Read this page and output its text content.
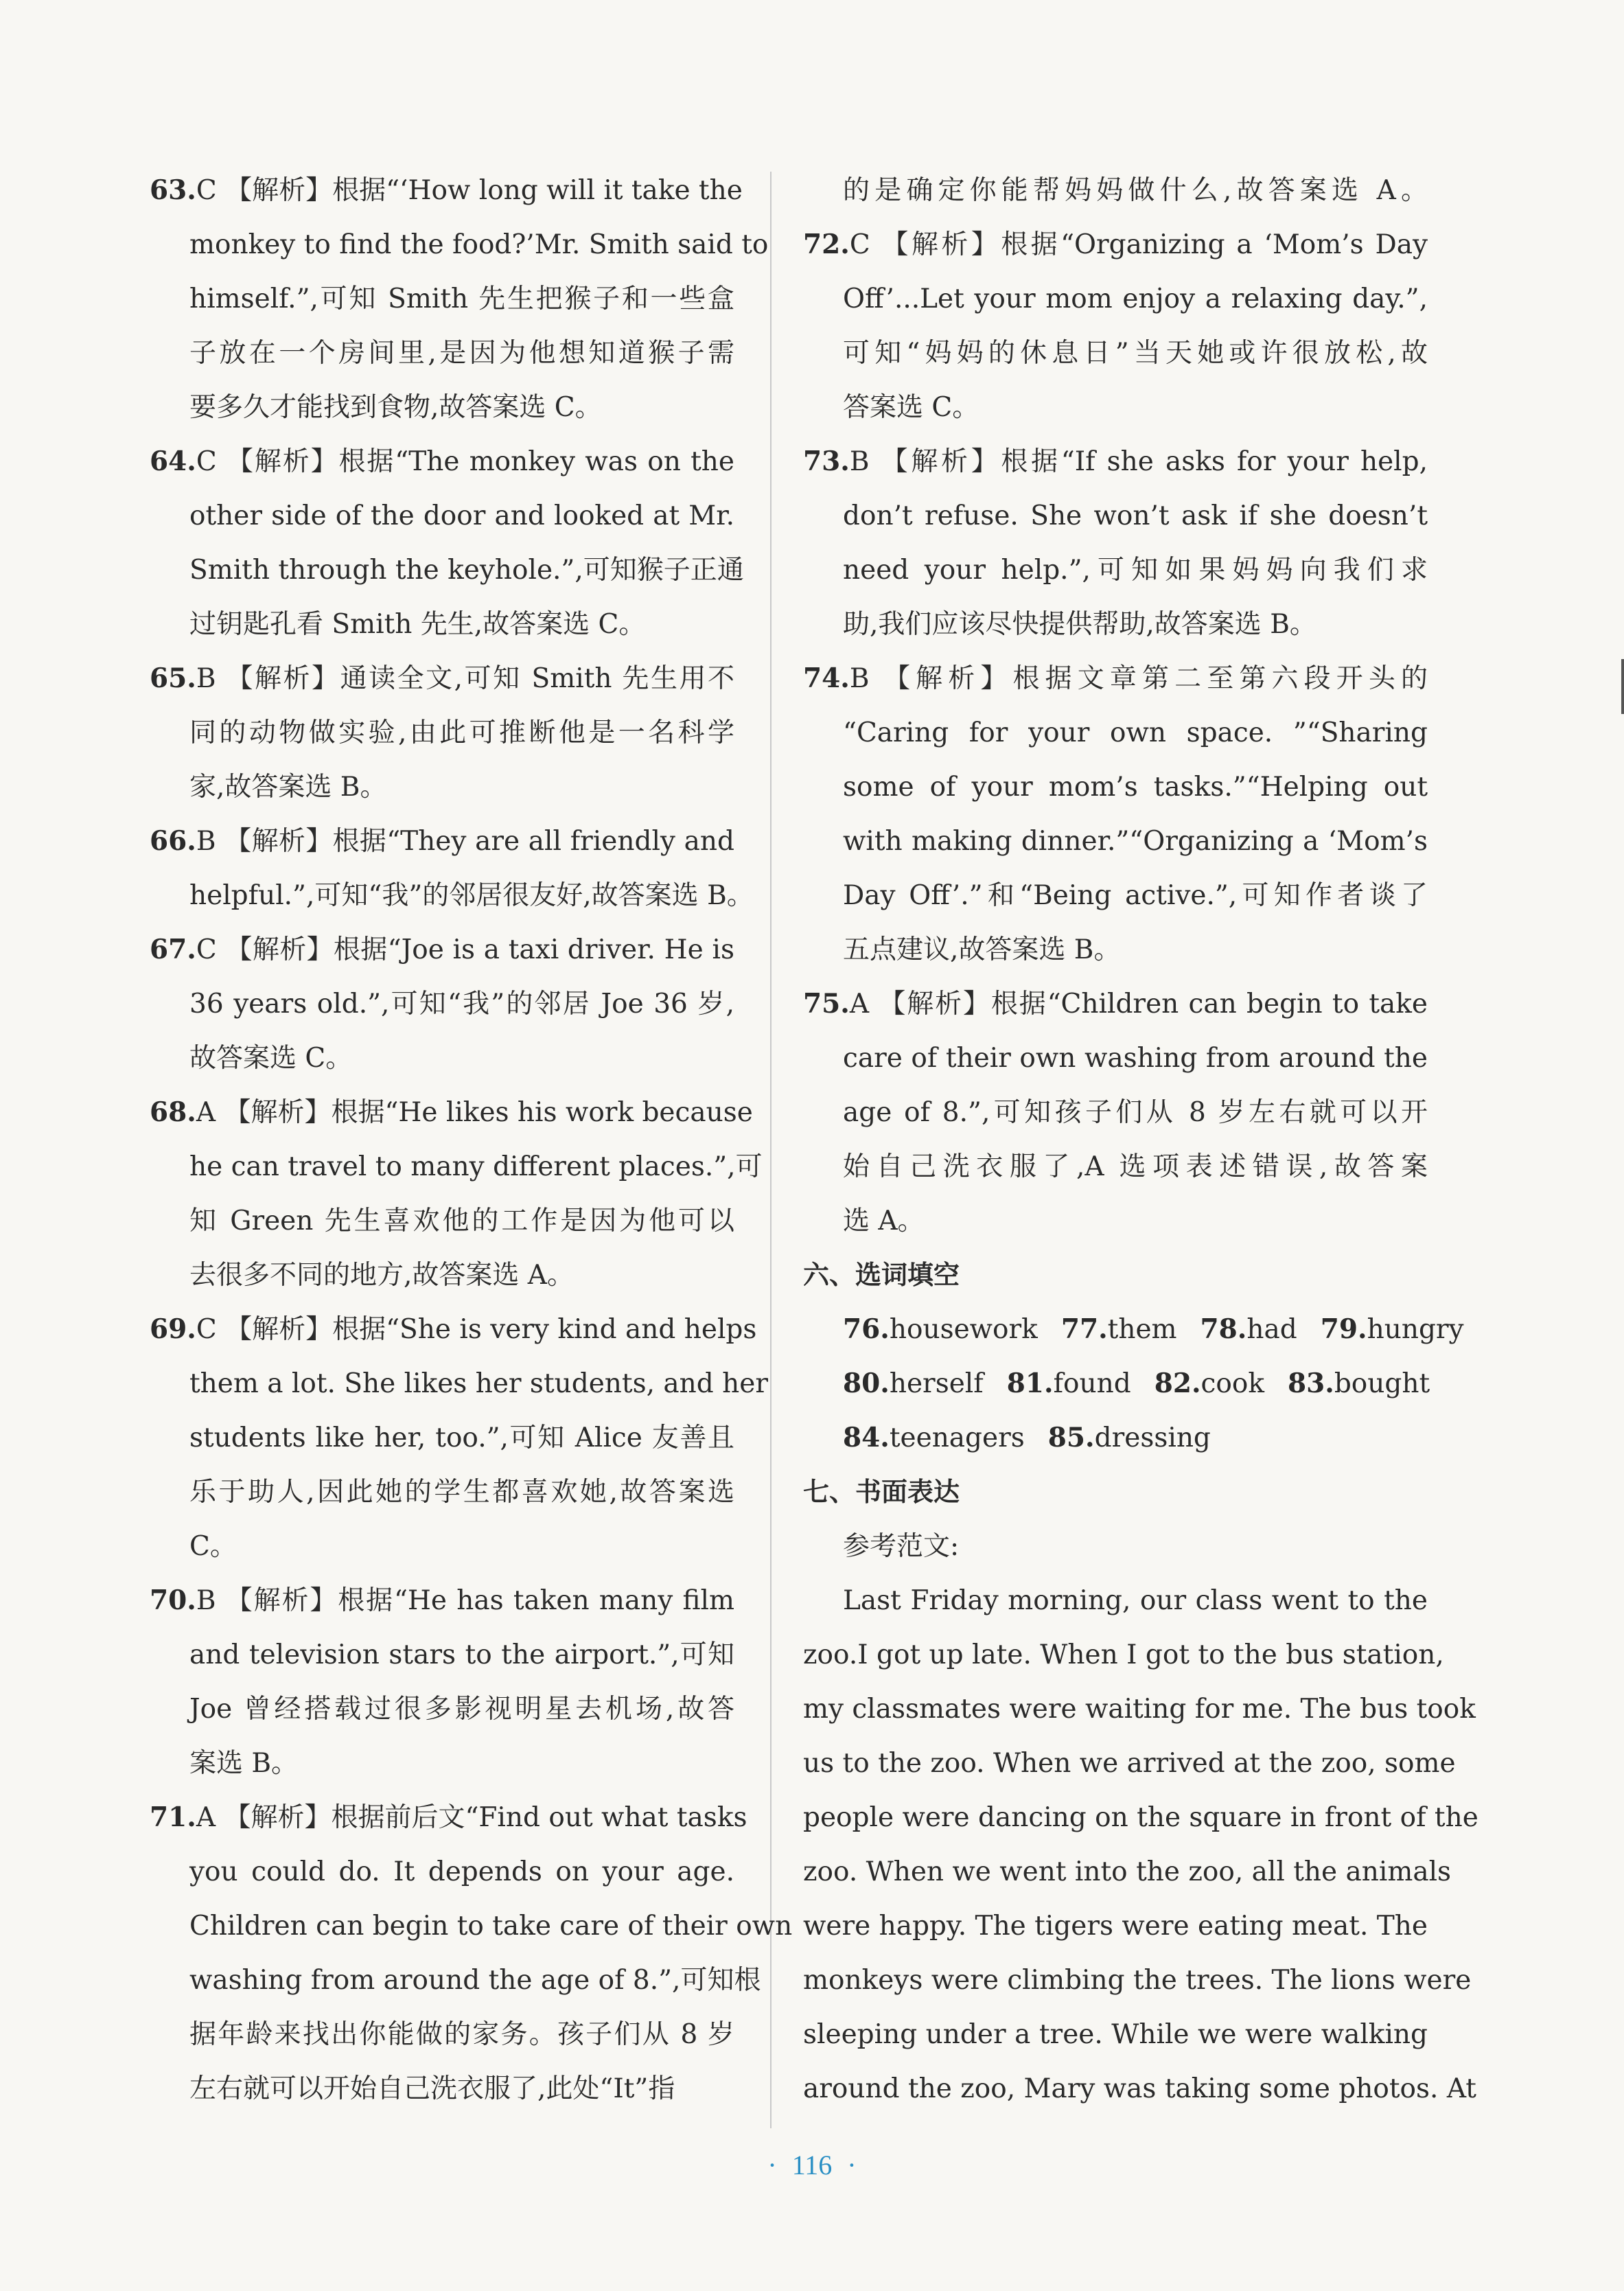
63.C 【解析】根据“‘How long will it take the
monkey to find the food?’Mr. Smith said to
himself.”,可知 Smith 先生把猴子和一些盒
子放在一个房间里,是因为他想知道猴子需
要多久才能找到食物,故答案选 C。
64.C 【解析】根据“The monkey was on the
other side of the door and looked at Mr.
Smith through the keyhole.”,可知猴子正通
过钥匙孔看 Smith 先生,故答案选 C。
65.B 【解析】通读全文,可知 Smith 先生用不
同的动物做实验,由此可推断他是一名科学
家,故答案选 B。
66.B 【解析】根据“They are all friendly and
helpful.”,可知“我”的邻居很友好,故答案选 B。
67.C 【解析】根据“Joe is a taxi driver. He is
36 years old.”,可知“我”的邻居 Joe 36 岁,
故答案选 C。
68.A 【解析】根据“He likes his work because
he can travel to many different places.”,可
知 Green 先生喜欢他的工作是因为他可以
去很多不同的地方,故答案选 A。
69.C 【解析】根据“She is very kind and helps
them a lot. She likes her students, and her
students like her, too.”,可知 Alice 友善且
乐于助人,因此她的学生都喜欢她,故答案选
C。
70.B 【解析】根据“He has taken many film
and television stars to the airport.”,可知
Joe 曾经搭载过很多影视明星去机场,故答
案选 B。
71.A 【解析】根据前后文“Find out what tasks
you could do. It depends on your age.
Children can begin to take care of their own
washing from around the age of 8.”,可知根
据年龄来找出你能做的家务。孩子们从 8 岁
左右就可以开始自己洗衣服了,此处“It”指
的是确定你能帮妈妈做什么,故答案选 A。
72.C 【解析】根据“Organizing a ‘Mom’s Day
Off’...Let your mom enjoy a relaxing day.”,
可知“妈妈的休息日”当天她或许很放松,故
答案选 C。
73.B 【解析】根据“If she asks for your help,
don’t refuse. She won’t ask if she doesn’t
need your help.”,可知如果妈妈向我们求
助,我们应该尽快提供帮助,故答案选 B。
74.B 【解析】根据文章第二至第六段开头的
“Caring for your own space. ”“Sharing
some of your mom’s tasks.”“Helping out
with making dinner.”“Organizing a ‘Mom’s
Day Off’.”和“Being active.”,可知作者谈了
五点建议,故答案选 B。
75.A 【解析】根据“Children can begin to take
care of their own washing from around the
age of 8.”,可知孩子们从 8 岁左右就可以开
始自己洗衣服了,A 选项表述错误,故答案
选 A。
六、选词填空
76.housework 77.them 78.had 79.hungry
80.herself 81.found 82.cook 83.bought
84.teenagers 85.dressing
七、书面表达
参考范文:
Last Friday morning, our class went to the
zoo.I got up late. When I got to the bus station,
my classmates were waiting for me. The bus took
us to the zoo. When we arrived at the zoo, some
people were dancing on the square in front of the
zoo. When we went into the zoo, all the animals
were happy. The tigers were eating meat. The
monkeys were climbing the trees. The lions were
sleeping under a tree. While we were walking
around the zoo, Mary was taking some photos. At
· 116 ·
